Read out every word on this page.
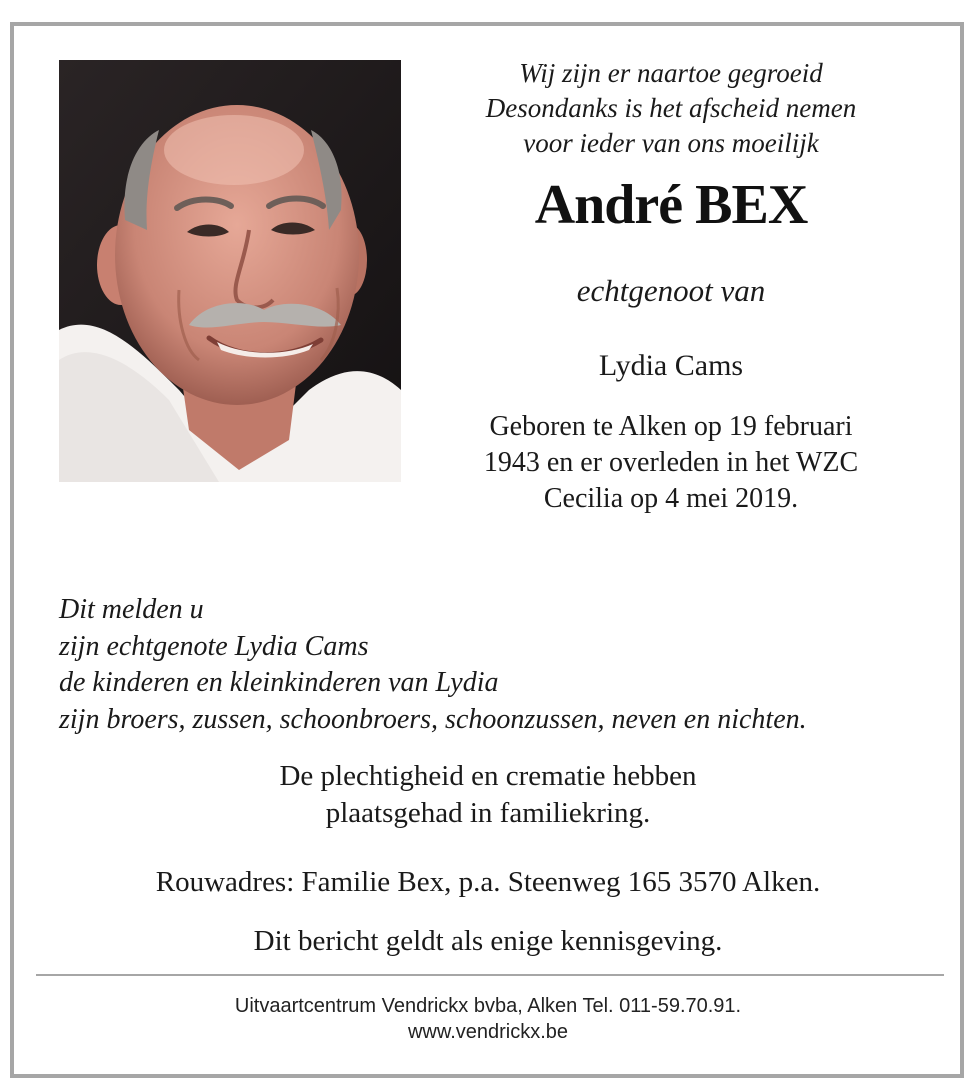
Wij zijn er naartoe gegroeid
Desondanks is het afscheid nemen
voor ieder van ons moeilijk
André BEX
echtgenoot van
Lydia Cams
Geboren te Alken op 19 februari
1943 en er overleden in het WZC
Cecilia op 4 mei 2019.
Dit melden u
zijn echtgenote Lydia Cams
de kinderen en kleinkinderen van Lydia
zijn broers, zussen, schoonbroers, schoonzussen, neven en nichten.
De plechtigheid en crematie hebben
plaatsgehad in familiekring.
Rouwadres: Familie Bex, p.a. Steenweg 165 3570 Alken.
Dit bericht geldt als enige kennisgeving.
Uitvaartcentrum Vendrickx bvba, Alken Tel. 011-59.70.91.
www.vendrickx.be
